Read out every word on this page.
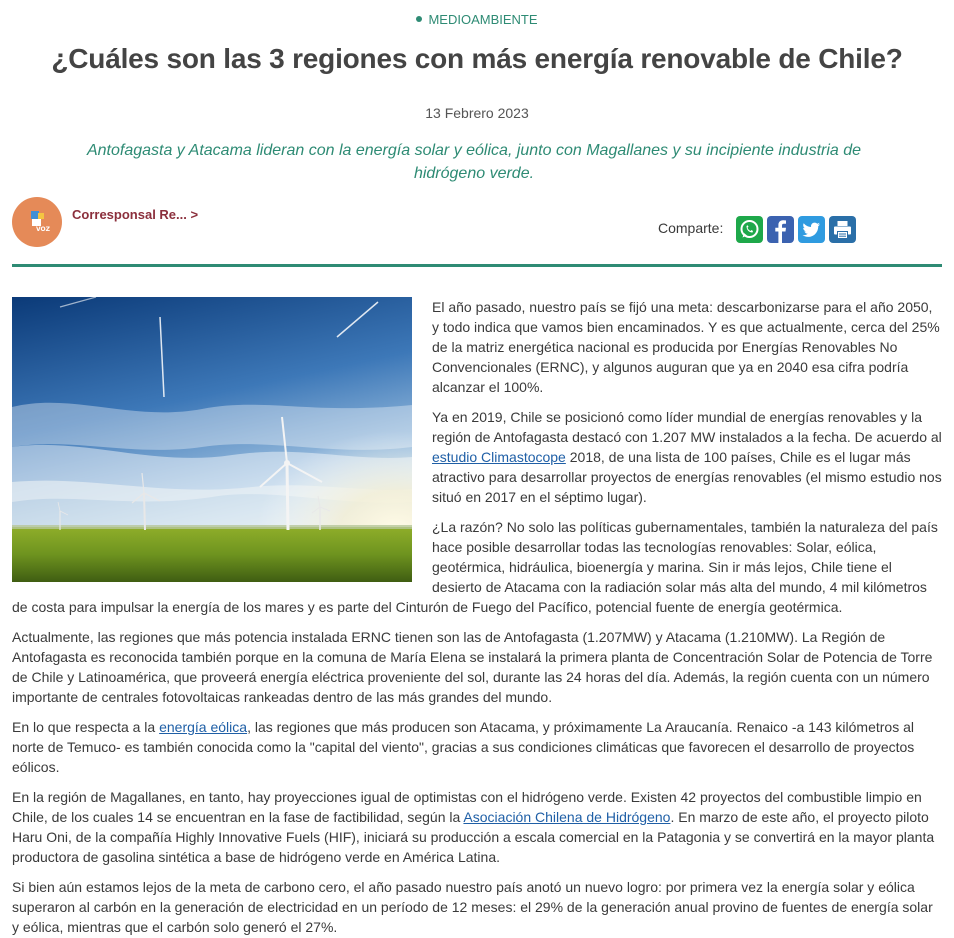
MEDIOAMBIENTE
¿Cuáles son las 3 regiones con más energía renovable de Chile?
13 Febrero 2023
Antofagasta y Atacama lideran con la energía solar y eólica, junto con Magallanes y su incipiente industria de hidrógeno verde.
VOZ
Corresponsal Re... >
Comparte:

El año pasado, nuestro país se fijó una meta: descarbonizarse para el año 2050, y todo indica que vamos bien encaminados. Y es que actualmente, cerca del 25% de la matriz energética nacional es producida por Energías Renovables No Convencionales (ERNC), y algunos auguran que ya en 2040 esa cifra podría alcanzar el 100%.

Ya en 2019, Chile se posicionó como líder mundial de energías renovables y la región de Antofagasta destacó con 1.207 MW instalados a la fecha. De acuerdo al estudio Climastocope 2018, de una lista de 100 países, Chile es el lugar más atractivo para desarrollar proyectos de energías renovables (el mismo estudio nos situó en 2017 en el séptimo lugar).

¿La razón? No solo las políticas gubernamentales, también la naturaleza del país hace posible desarrollar todas las tecnologías renovables: Solar, eólica, geotérmica, hidráulica, bioenergía y marina. Sin ir más lejos, Chile tiene el desierto de Atacama con la radiación solar más alta del mundo, 4 mil kilómetros de costa para impulsar la energía de los mares y es parte del Cinturón de Fuego del Pacífico, potencial fuente de energía geotérmica.

Actualmente, las regiones que más potencia instalada ERNC tienen son las de Antofagasta (1.207MW) y Atacama (1.210MW). La Región de Antofagasta es reconocida también porque en la comuna de María Elena se instalará la primera planta de Concentración Solar de Potencia de Torre de Chile y Latinoamérica, que proveerá energía eléctrica proveniente del sol, durante las 24 horas del día. Además, la región cuenta con un número importante de centrales fotovoltaicas rankeadas dentro de las más grandes del mundo.

En lo que respecta a la energía eólica, las regiones que más producen son Atacama, y próximamente La Araucanía. Renaico -a 143 kilómetros al norte de Temuco- es también conocida como la "capital del viento", gracias a sus condiciones climáticas que favorecen el desarrollo de proyectos eólicos.

En la región de Magallanes, en tanto, hay proyecciones igual de optimistas con el hidrógeno verde. Existen 42 proyectos del combustible limpio en Chile, de los cuales 14 se encuentran en la fase de factibilidad, según la Asociación Chilena de Hidrógeno. En marzo de este año, el proyecto piloto Haru Oni, de la compañía Highly Innovative Fuels (HIF), iniciará su producción a escala comercial en la Patagonia y se convertirá en la mayor planta productora de gasolina sintética a base de hidrógeno verde en América Latina.

Si bien aún estamos lejos de la meta de carbono cero, el año pasado nuestro país anotó un nuevo logro: por primera vez la energía solar y eólica superaron al carbón en la generación de electricidad en un período de 12 meses: el 29% de la generación anual provino de fuentes de energía solar y eólica, mientras que el carbón solo generó el 27%.
